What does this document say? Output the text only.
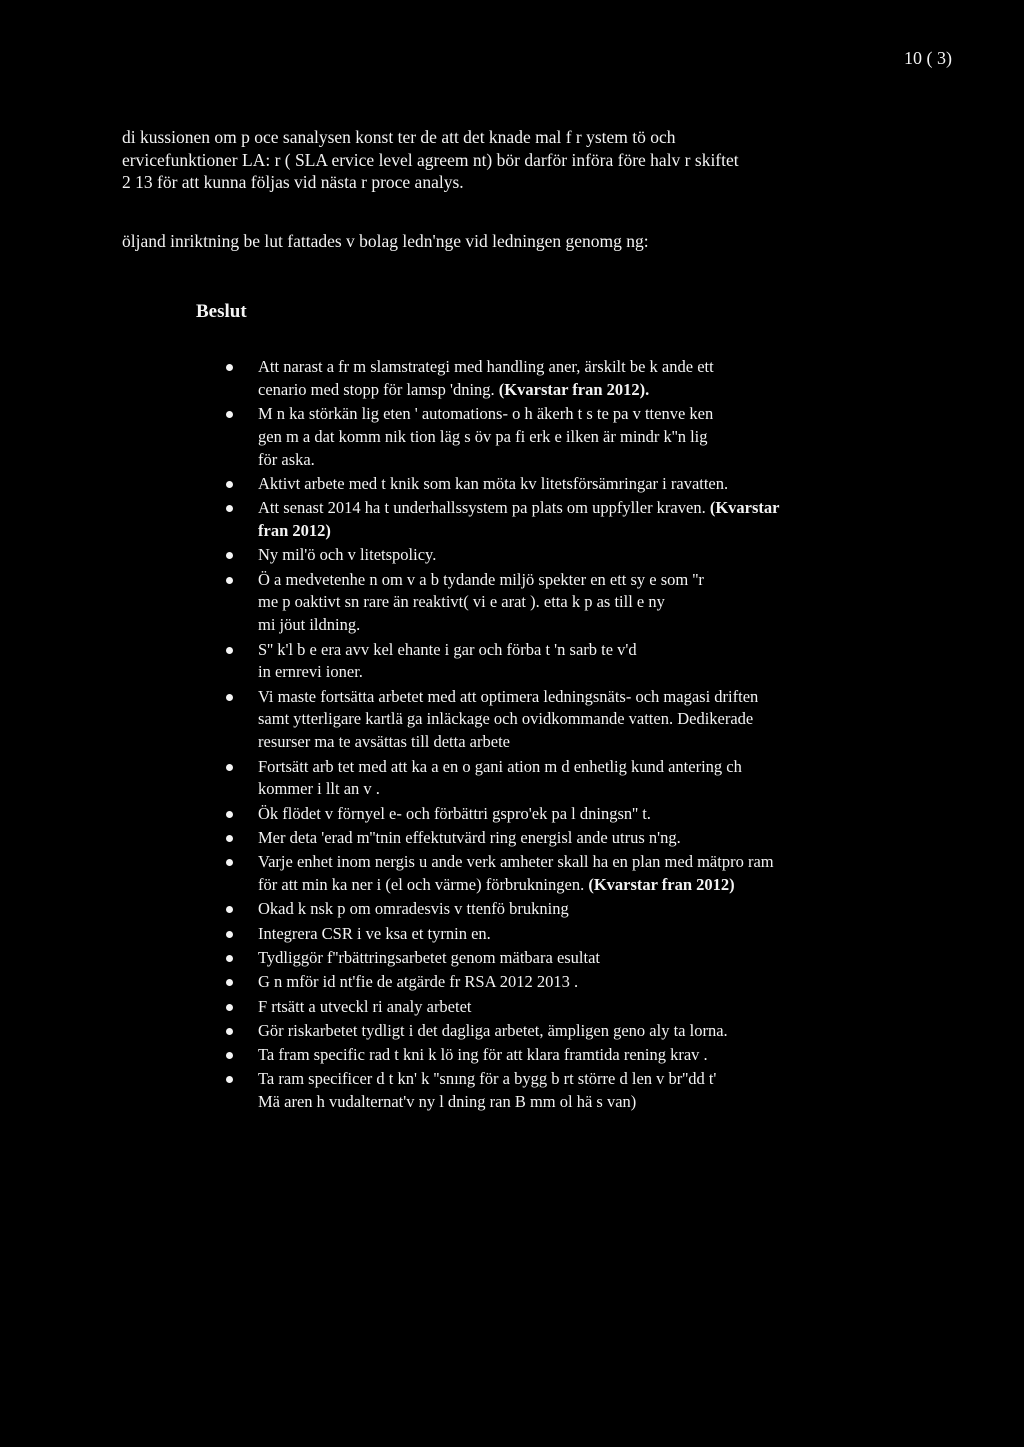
10 ( 3)

di kussionen om p oce sanalysen konst ter de att det knade mal f r ystem tö och
ervicefunktioner LA: r ( SLA ervice level agreem nt) bör darför införa före halv r skiftet
2 13 för att kunna följas vid nästa r proce analys.

öljand inriktning be lut fattades v bolag ledn'nge vid ledningen genomg ng:
Beslut
Att narast a fr m slamstrategi med handling aner, ärskilt be k ande ett
cenario med stopp för lamsp 'dning. (Kvarstar fran 2012).
M n ka störkän lig eten ' automations- o h äkerh t s te pa v ttenve ken
gen m a dat komm nik tion läg s öv pa fi erk e ilken är mindr k''n lig
för aska.
Aktivt arbete med t knik som kan möta kv litetsförsämringar i ravatten.
Att senast 2014 ha t underhallssystem pa plats om uppfyller kraven. (Kvarstar
fran 2012)
Ny mil'ö och v litetspolicy.
Ö a medvetenhe n om v a b tydande miljö spekter en ett sy e som ''r
me p oaktivt sn rare än reaktivt( vi e arat ). etta k p as till e ny
mi jöut ildning.
S'' k'l b e era avv kel ehante i gar och förba t 'n sarb te v'd
in ernrevi ioner.
Vi maste fortsätta arbetet med att optimera ledningsnäts- och magasi driften
samt ytterligare kartlä ga inläckage och ovidkommande vatten. Dedikerade
resurser ma te avsättas till detta arbete
Fortsätt arb tet med att ka a en o gani ation m d enhetlig kund antering ch
kommer i llt an v .
Ök flödet v förnyel e- och förbättri gspro'ek pa l dningsn'' t.
Mer deta 'erad m''tnin effektutvärd ring energisl ande utrus n'ng.
Varje enhet inom nergis u ande verk amheter skall ha en plan med mätpro ram
för att min ka ner i (el och värme) förbrukningen. (Kvarstar fran 2012)
Okad k nsk p om omradesvis v ttenfö brukning
Integrera CSR i ve ksa et tyrnin en.
Tydliggör f''rbättringsarbetet genom mätbara esultat
G n mför id nt'fie de atgärde fr RSA 2012 2013 .
F rtsätt a utveckl ri analy arbetet
Gör riskarbetet tydligt i det dagliga arbetet, ämpligen geno aly ta lorna.
Ta fram specific rad t kni k lö ing för att klara framtida rening krav .
Ta ram specificer d t kn' k ''snıng för a bygg b rt större d len v br''dd t'
Mä aren h vudalternat'v ny l dning ran B mm ol hä s van)
